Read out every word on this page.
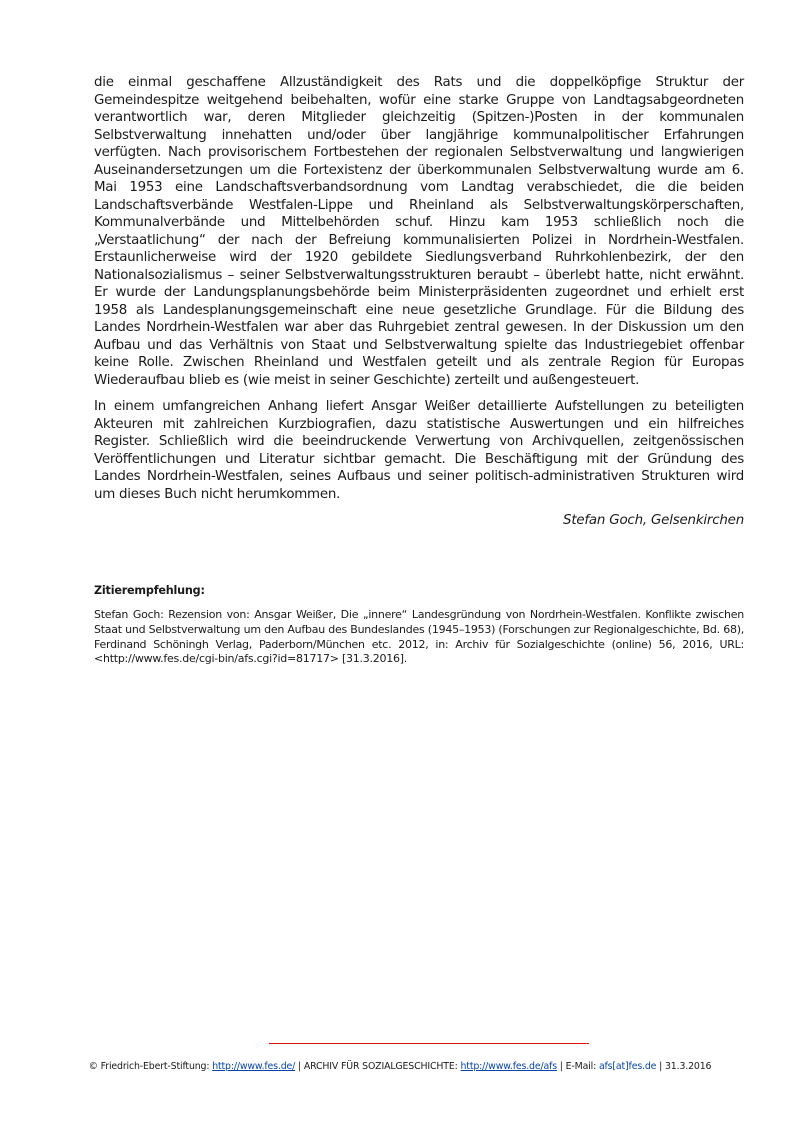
die einmal geschaffene Allzuständigkeit des Rats und die doppelköpfige Struktur der Gemeindespitze weitgehend beibehalten, wofür eine starke Gruppe von Landtagsabgeordneten verantwortlich war, deren Mitglieder gleichzeitig (Spitzen-)Posten in der kommunalen Selbstverwaltung innehatten und/oder über langjährige kommunalpolitischer Erfahrungen verfügten. Nach provisorischem Fortbestehen der regionalen Selbstverwaltung und langwierigen Auseinandersetzungen um die Fortexistenz der überkommunalen Selbstverwaltung wurde am 6. Mai 1953 eine Landschaftsverbandsordnung vom Landtag verabschiedet, die die beiden Landschaftsverbände Westfalen-Lippe und Rheinland als Selbstverwaltungskörperschaften, Kommunalverbände und Mittelbehörden schuf. Hinzu kam 1953 schließlich noch die „Verstaatlichung“ der nach der Befreiung kommunalisierten Polizei in Nordrhein-Westfalen. Erstaunlicherweise wird der 1920 gebildete Siedlungsverband Ruhrkohlenbezirk, der den Nationalsozialismus – seiner Selbstverwaltungsstrukturen beraubt – überlebt hatte, nicht erwähnt. Er wurde der Landungsplanungsbehörde beim Ministerpräsidenten zugeordnet und erhielt erst 1958 als Landesplanungsgemeinschaft eine neue gesetzliche Grundlage. Für die Bildung des Landes Nordrhein-Westfalen war aber das Ruhrgebiet zentral gewesen. In der Diskussion um den Aufbau und das Verhältnis von Staat und Selbstverwaltung spielte das Industriegebiet offenbar keine Rolle. Zwischen Rheinland und Westfalen geteilt und als zentrale Region für Europas Wiederaufbau blieb es (wie meist in seiner Geschichte) zerteilt und außengesteuert.

In einem umfangreichen Anhang liefert Ansgar Weißer detaillierte Aufstellungen zu beteiligten Akteuren mit zahlreichen Kurzbiografien, dazu statistische Auswertungen und ein hilfreiches Register. Schließlich wird die beeindruckende Verwertung von Archivquellen, zeitgenössischen Veröffentlichungen und Literatur sichtbar gemacht. Die Beschäftigung mit der Gründung des Landes Nordrhein-Westfalen, seines Aufbaus und seiner politisch-administrativen Strukturen wird um dieses Buch nicht herumkommen.

Stefan Goch, Gelsenkirchen
Zitierempfehlung:

Stefan Goch: Rezension von: Ansgar Weißer, Die „innere“ Landesgründung von Nordrhein-Westfalen. Konflikte zwischen Staat und Selbstverwaltung um den Aufbau des Bundeslandes (1945–1953) (Forschungen zur Regionalgeschichte, Bd. 68), Ferdinand Schöningh Verlag, Paderborn/München etc. 2012, in: Archiv für Sozialgeschichte (online) 56, 2016, URL: <http://www.fes.de/cgi-bin/afs.cgi?id=81717> [31.3.2016].

© Friedrich-Ebert-Stiftung: http://www.fes.de/ | ARCHIV FÜR SOZIALGESCHICHTE: http://www.fes.de/afs | E-Mail: afs[at]fes.de | 31.3.2016
